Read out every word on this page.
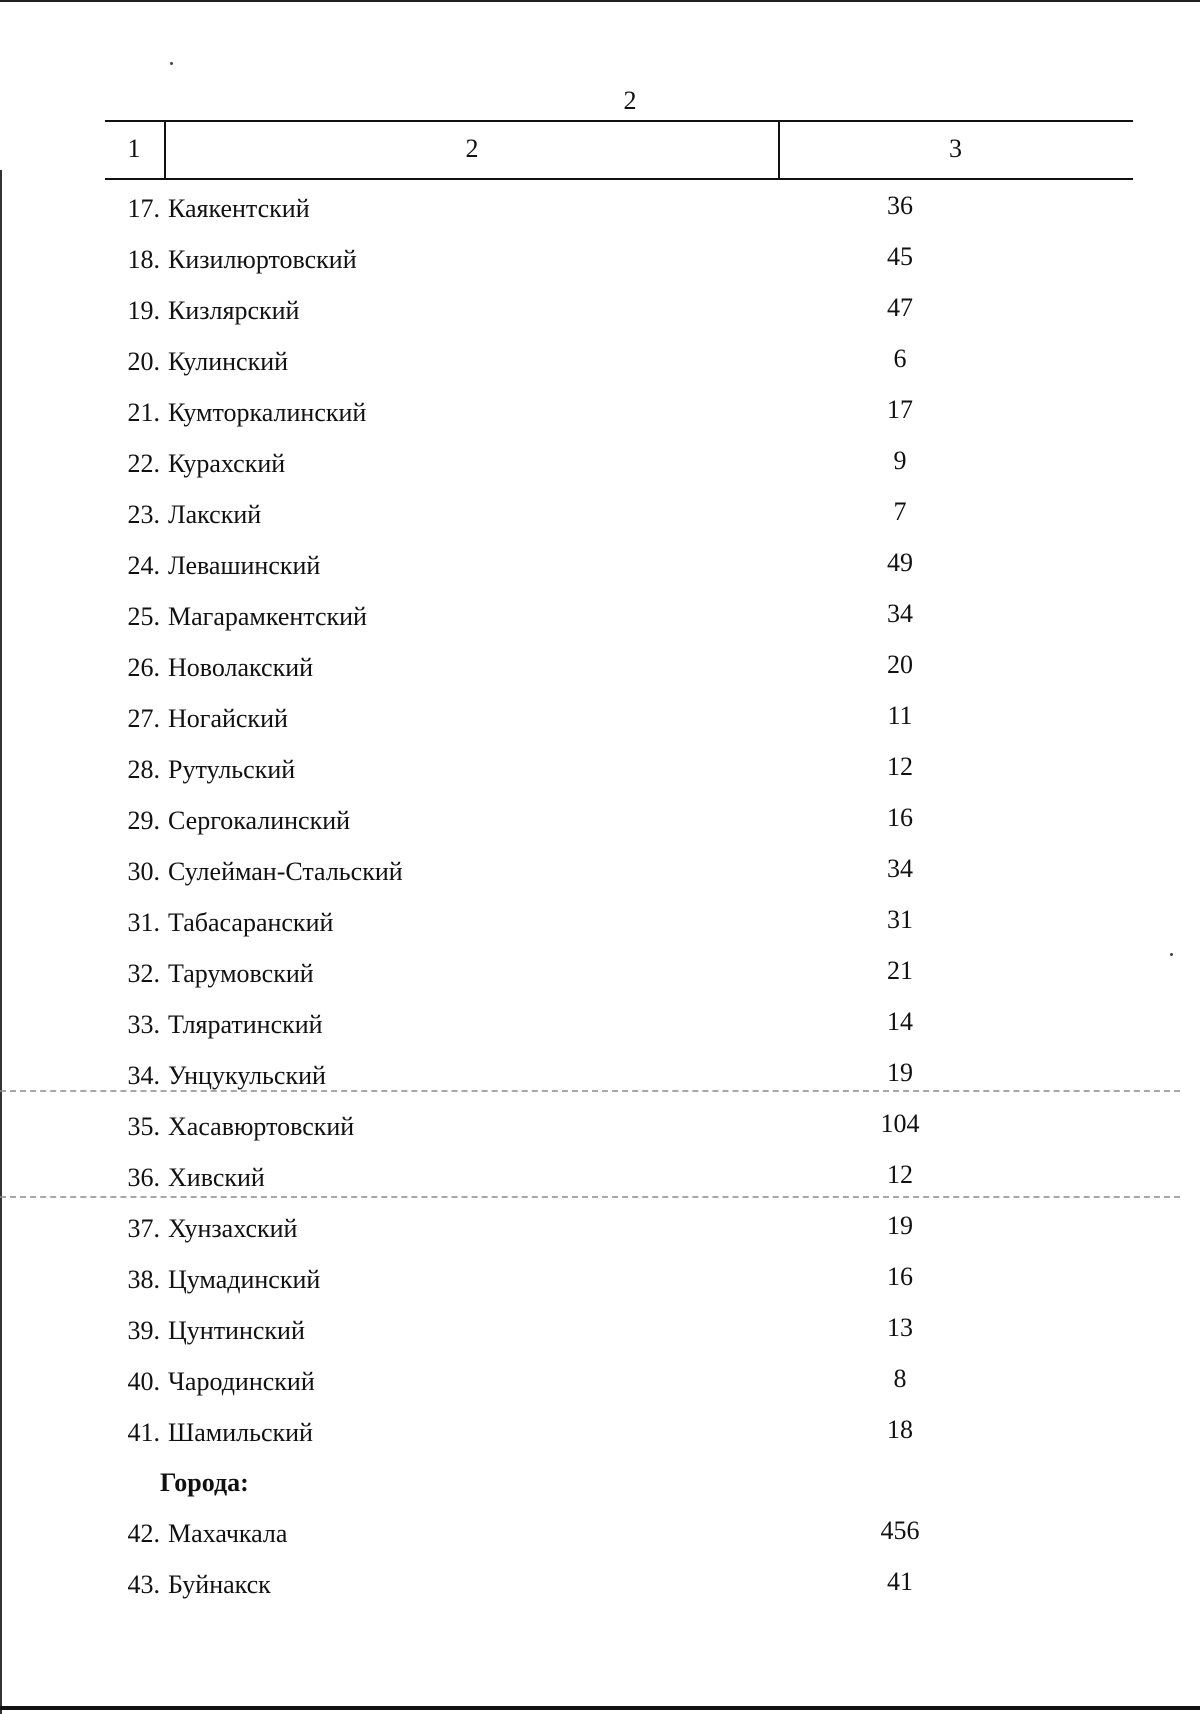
2
1	2	3
17. Каякентский	36
18. Кизилюртовский	45
19. Кизлярский	47
20. Кулинский	6
21. Кумторкалинский	17
22. Курахский	9
23. Лакский	7
24. Левашинский	49
25. Магарамкентский	34
26. Новолакский	20
27. Ногайский	11
28. Рутульский	12
29. Сергокалинский	16
30. Сулейман-Стальский	34
31. Табасаранский	31
32. Тарумовский	21
33. Тляратинский	14
34. Унцукульский	19
35. Хасавюртовский	104
36. Хивский	12
37. Хунзахский	19
38. Цумадинский	16
39. Цунтинский	13
40. Чародинский	8
41. Шамильский	18
Города:
42. Махачкала	456
43. Буйнакск	41
